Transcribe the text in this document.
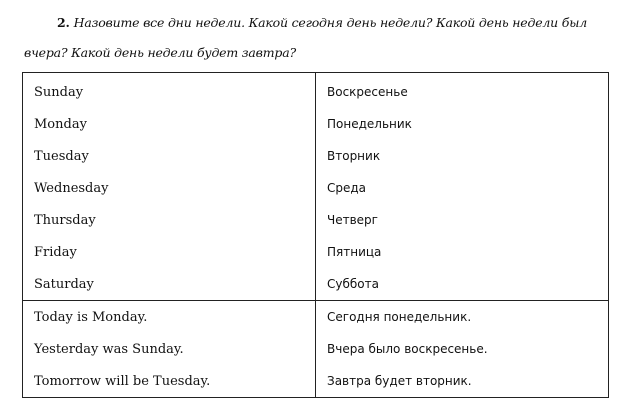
2. Назовите все дни недели. Какой сегодня день недели? Какой день недели был вчера? Какой день недели будет завтра?
Sunday	Воскресенье
Monday	Понедельник
Tuesday	Вторник
Wednesday	Среда
Thursday	Четверг
Friday	Пятница
Saturday	Суббота
Today is Monday.	Сегодня понедельник.
Yesterday was Sunday.	Вчера было воскресенье.
Tomorrow will be Tuesday.	Завтра будет вторник.
